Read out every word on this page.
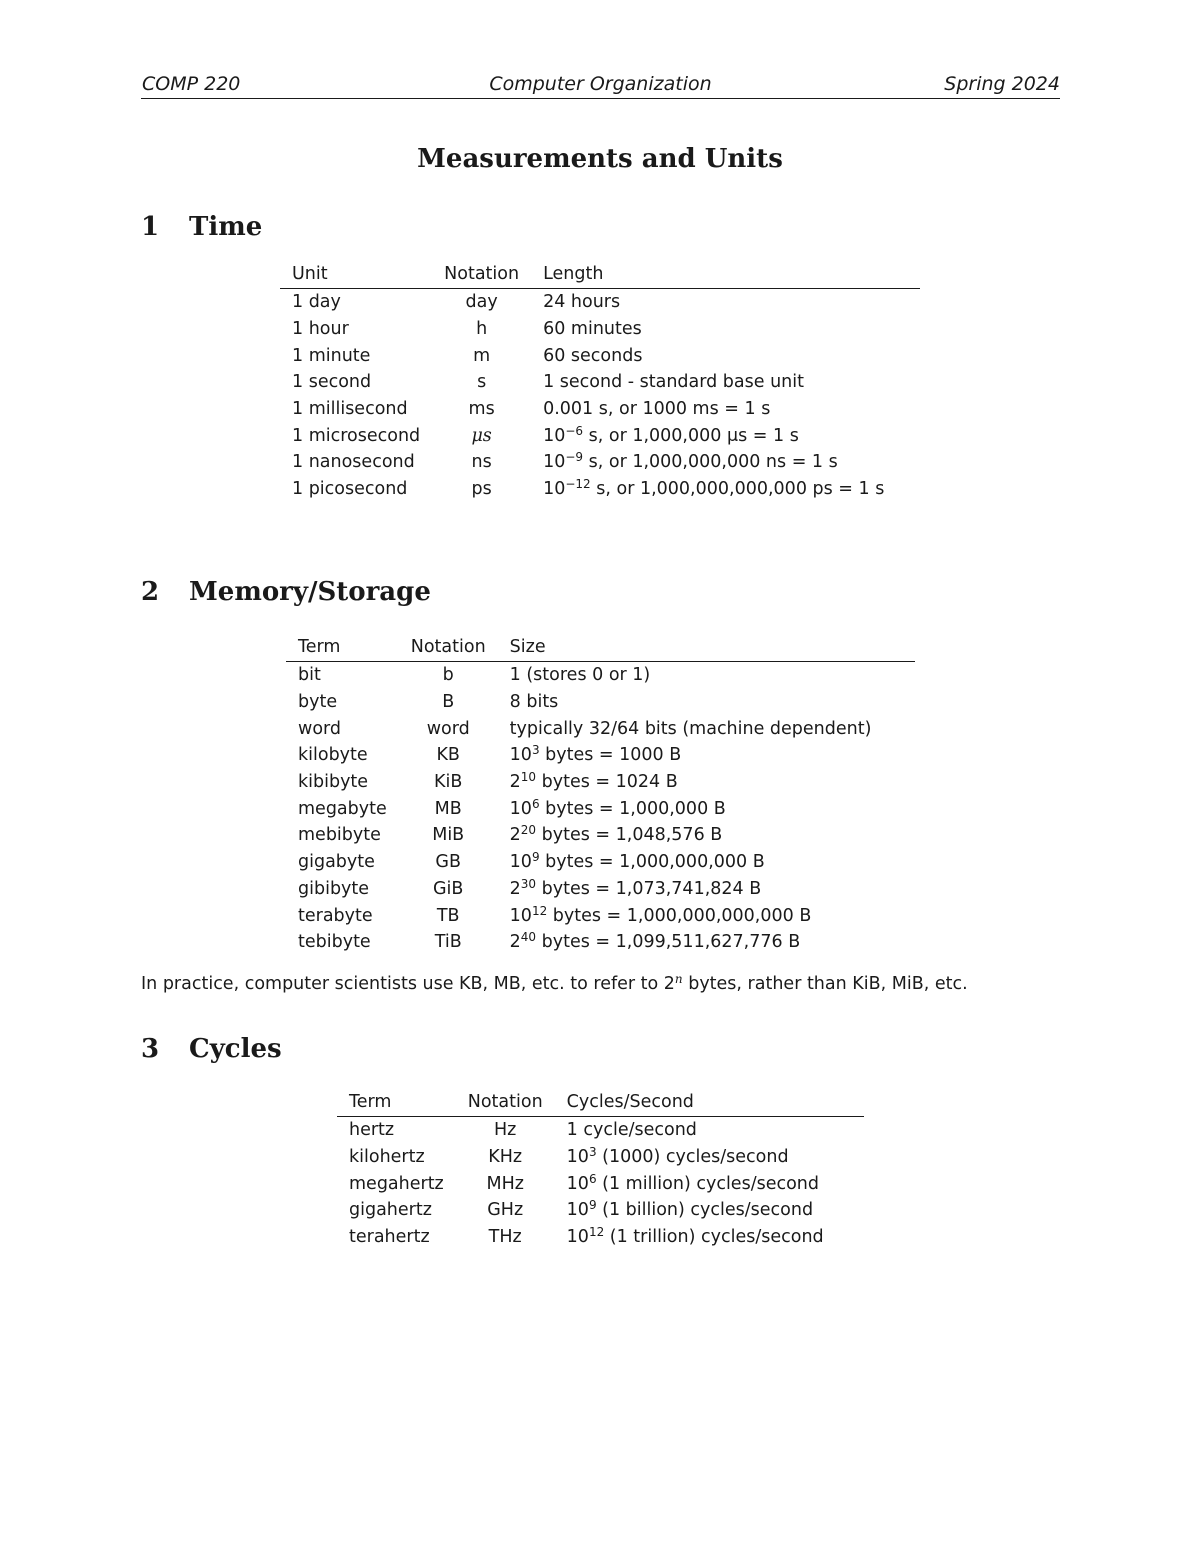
COMP 220	Computer Organization	Spring 2024
Measurements and Units
1 Time
Unit	Notation	Length
1 day	day	24 hours
1 hour	h	60 minutes
1 minute	m	60 seconds
1 second	s	1 second - standard base unit
1 millisecond	ms	0.001 s, or 1000 ms = 1 s
1 microsecond	μs	$10^{-6}$ s, or 1,000,000 μs = 1 s
1 nanosecond	ns	$10^{-9}$ s, or 1,000,000,000 ns = 1 s
1 picosecond	ps	$10^{-12}$ s, or 1,000,000,000,000 ps = 1 s
2 Memory/Storage
Term	Notation	Size
bit	b	1 (stores 0 or 1)
byte	B	8 bits
word	word	typically 32/64 bits (machine dependent)
kilobyte	KB	$10^3$ bytes = 1000 B
kibibyte	KiB	$2^{10}$ bytes = 1024 B
megabyte	MB	$10^6$ bytes = 1,000,000 B
mebibyte	MiB	$2^{20}$ bytes = 1,048,576 B
gigabyte	GB	$10^9$ bytes = 1,000,000,000 B
gibibyte	GiB	$2^{30}$ bytes = 1,073,741,824 B
terabyte	TB	$10^{12}$ bytes = 1,000,000,000,000 B
tebibyte	TiB	$2^{40}$ bytes = 1,099,511,627,776 B
In practice, computer scientists use KB, MB, etc. to refer to 2$^n$ bytes, rather than KiB, MiB, etc.
3 Cycles
Term	Notation	Cycles/Second
hertz	Hz	1 cycle/second
kilohertz	KHz	$10^3$ (1000) cycles/second
megahertz	MHz	$10^6$ (1 million) cycles/second
gigahertz	GHz	$10^9$ (1 billion) cycles/second
terahertz	THz	$10^{12}$ (1 trillion) cycles/second
